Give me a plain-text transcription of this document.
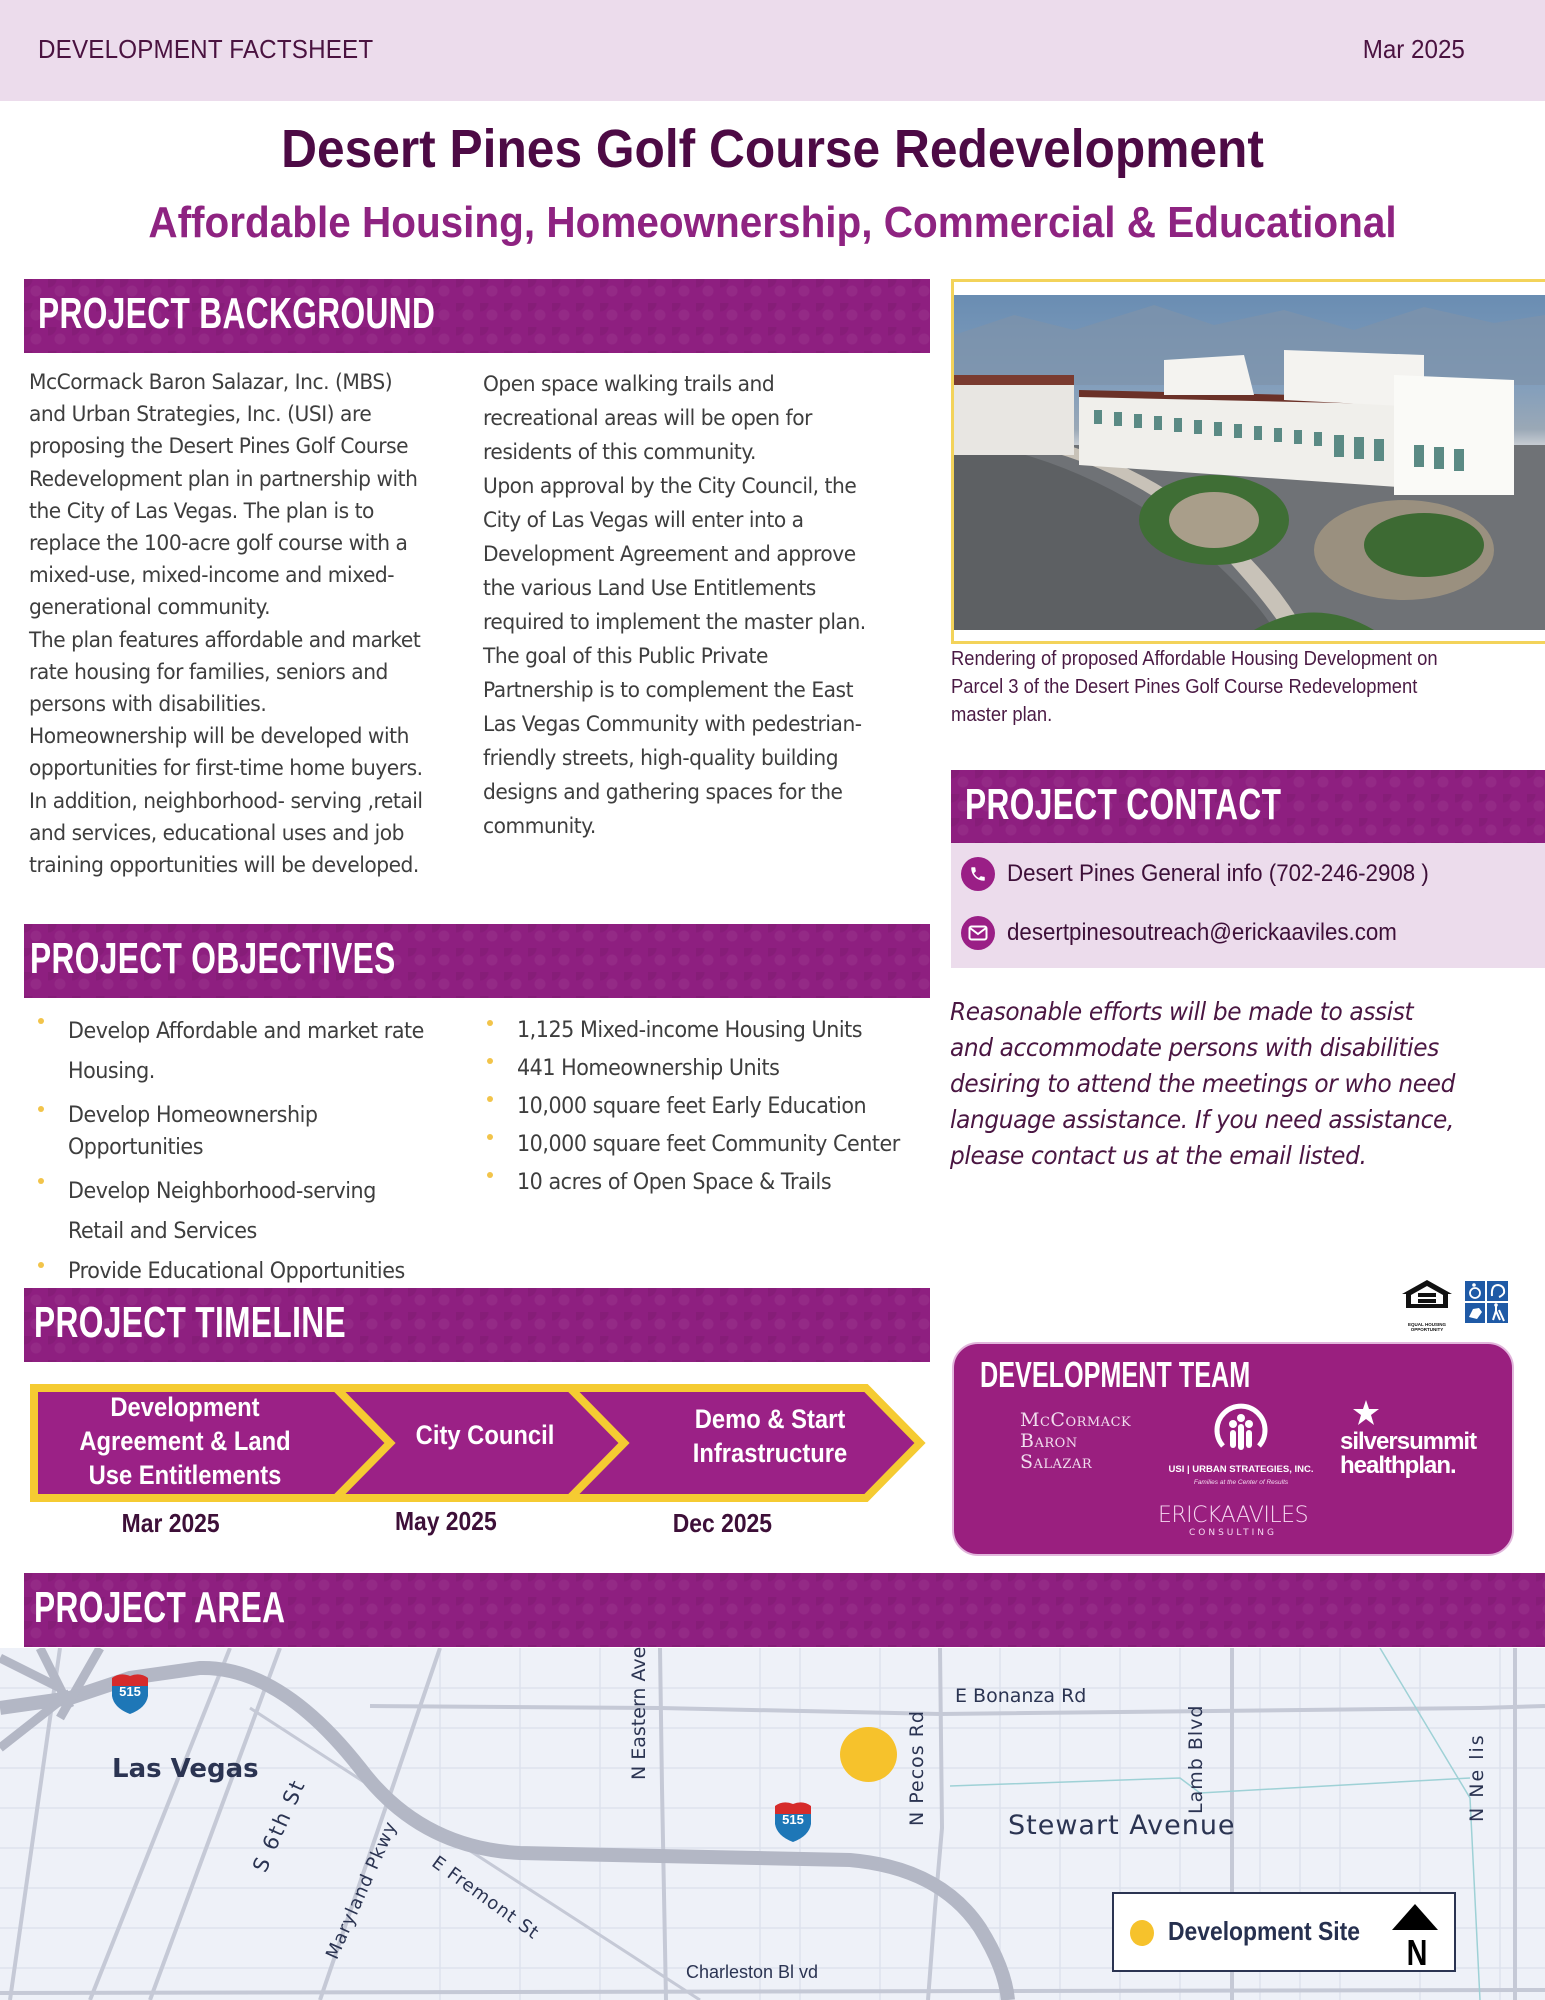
DEVELOPMENT FACTSHEET	Mar 2025
Desert Pines Golf Course Redevelopment
Affordable Housing, Homeownership, Commercial & Educational
PROJECT BACKGROUND

McCormack Baron Salazar, Inc. (MBS)

and Urban Strategies, Inc. (USI) are

proposing the Desert Pines Golf Course

Redevelopment plan in partnership with

the City of Las Vegas. The plan is to

replace the 100-acre golf course with a

mixed-use, mixed-income and mixed-

generational community.

The plan features affordable and market

rate housing for families, seniors and

persons with disabilities.

Homeownership will be developed with

opportunities for first-time home buyers.

In addition, neighborhood- serving ,retail

and services, educational uses and job

training opportunities will be developed.

Open space walking trails and

recreational areas will be open for

residents of this community.

Upon approval by the City Council, the

City of Las Vegas will enter into a

Development Agreement and approve

the various Land Use Entitlements

required to implement the master plan.

The goal of this Public Private

Partnership is to complement the East

Las Vegas Community with pedestrian-

friendly streets, high-quality building

designs and gathering spaces for the

community.

Rendering of proposed Affordable Housing Development on

Parcel 3 of the Desert Pines Golf Course Redevelopment

master plan.

PROJECT CONTACT
Desert Pines General info (702-246-2908 )
desertpinesoutreach@erickaaviles.com

Reasonable efforts will be made to assist

and accommodate persons with disabilities

desiring to attend the meetings or who need

language assistance. If you need assistance,

please contact us at the email listed.

PROJECT OBJECTIVES
Develop Affordable and market rate
Housing.
Develop Homeownership
Opportunities
Develop Neighborhood-serving
Retail and Services
Provide Educational Opportunities
1,125 Mixed-income Housing Units
441 Homeownership Units
10,000 square feet Early Education
10,000 square feet Community Center
10 acres of Open Space & Trails
PROJECT TIMELINE
Development
Agreement & Land
Use Entitlements
Mar 2025
City Council
May 2025
Demo & Start
Infrastructure
Dec 2025
EQUAL HOUSING
OPPORTUNITY
DEVELOPMENT TEAM
McCormack
Baron
Salazar	USI | URBAN STRATEGIES, INC.
Families at the Center of Results
silversummit
healthplan.
ERICKAAVILES
CONSULTING
PROJECT AREA
515
515
Las Vegas
E Bonanza Rd
Stewart Avenue
N Eastern Ave	N Pecos Rd	Lamb Blvd	N Ne lis
S 6th St Maryland Pkwy E Fremont St
Charleston Bl vd
Development Site
N
